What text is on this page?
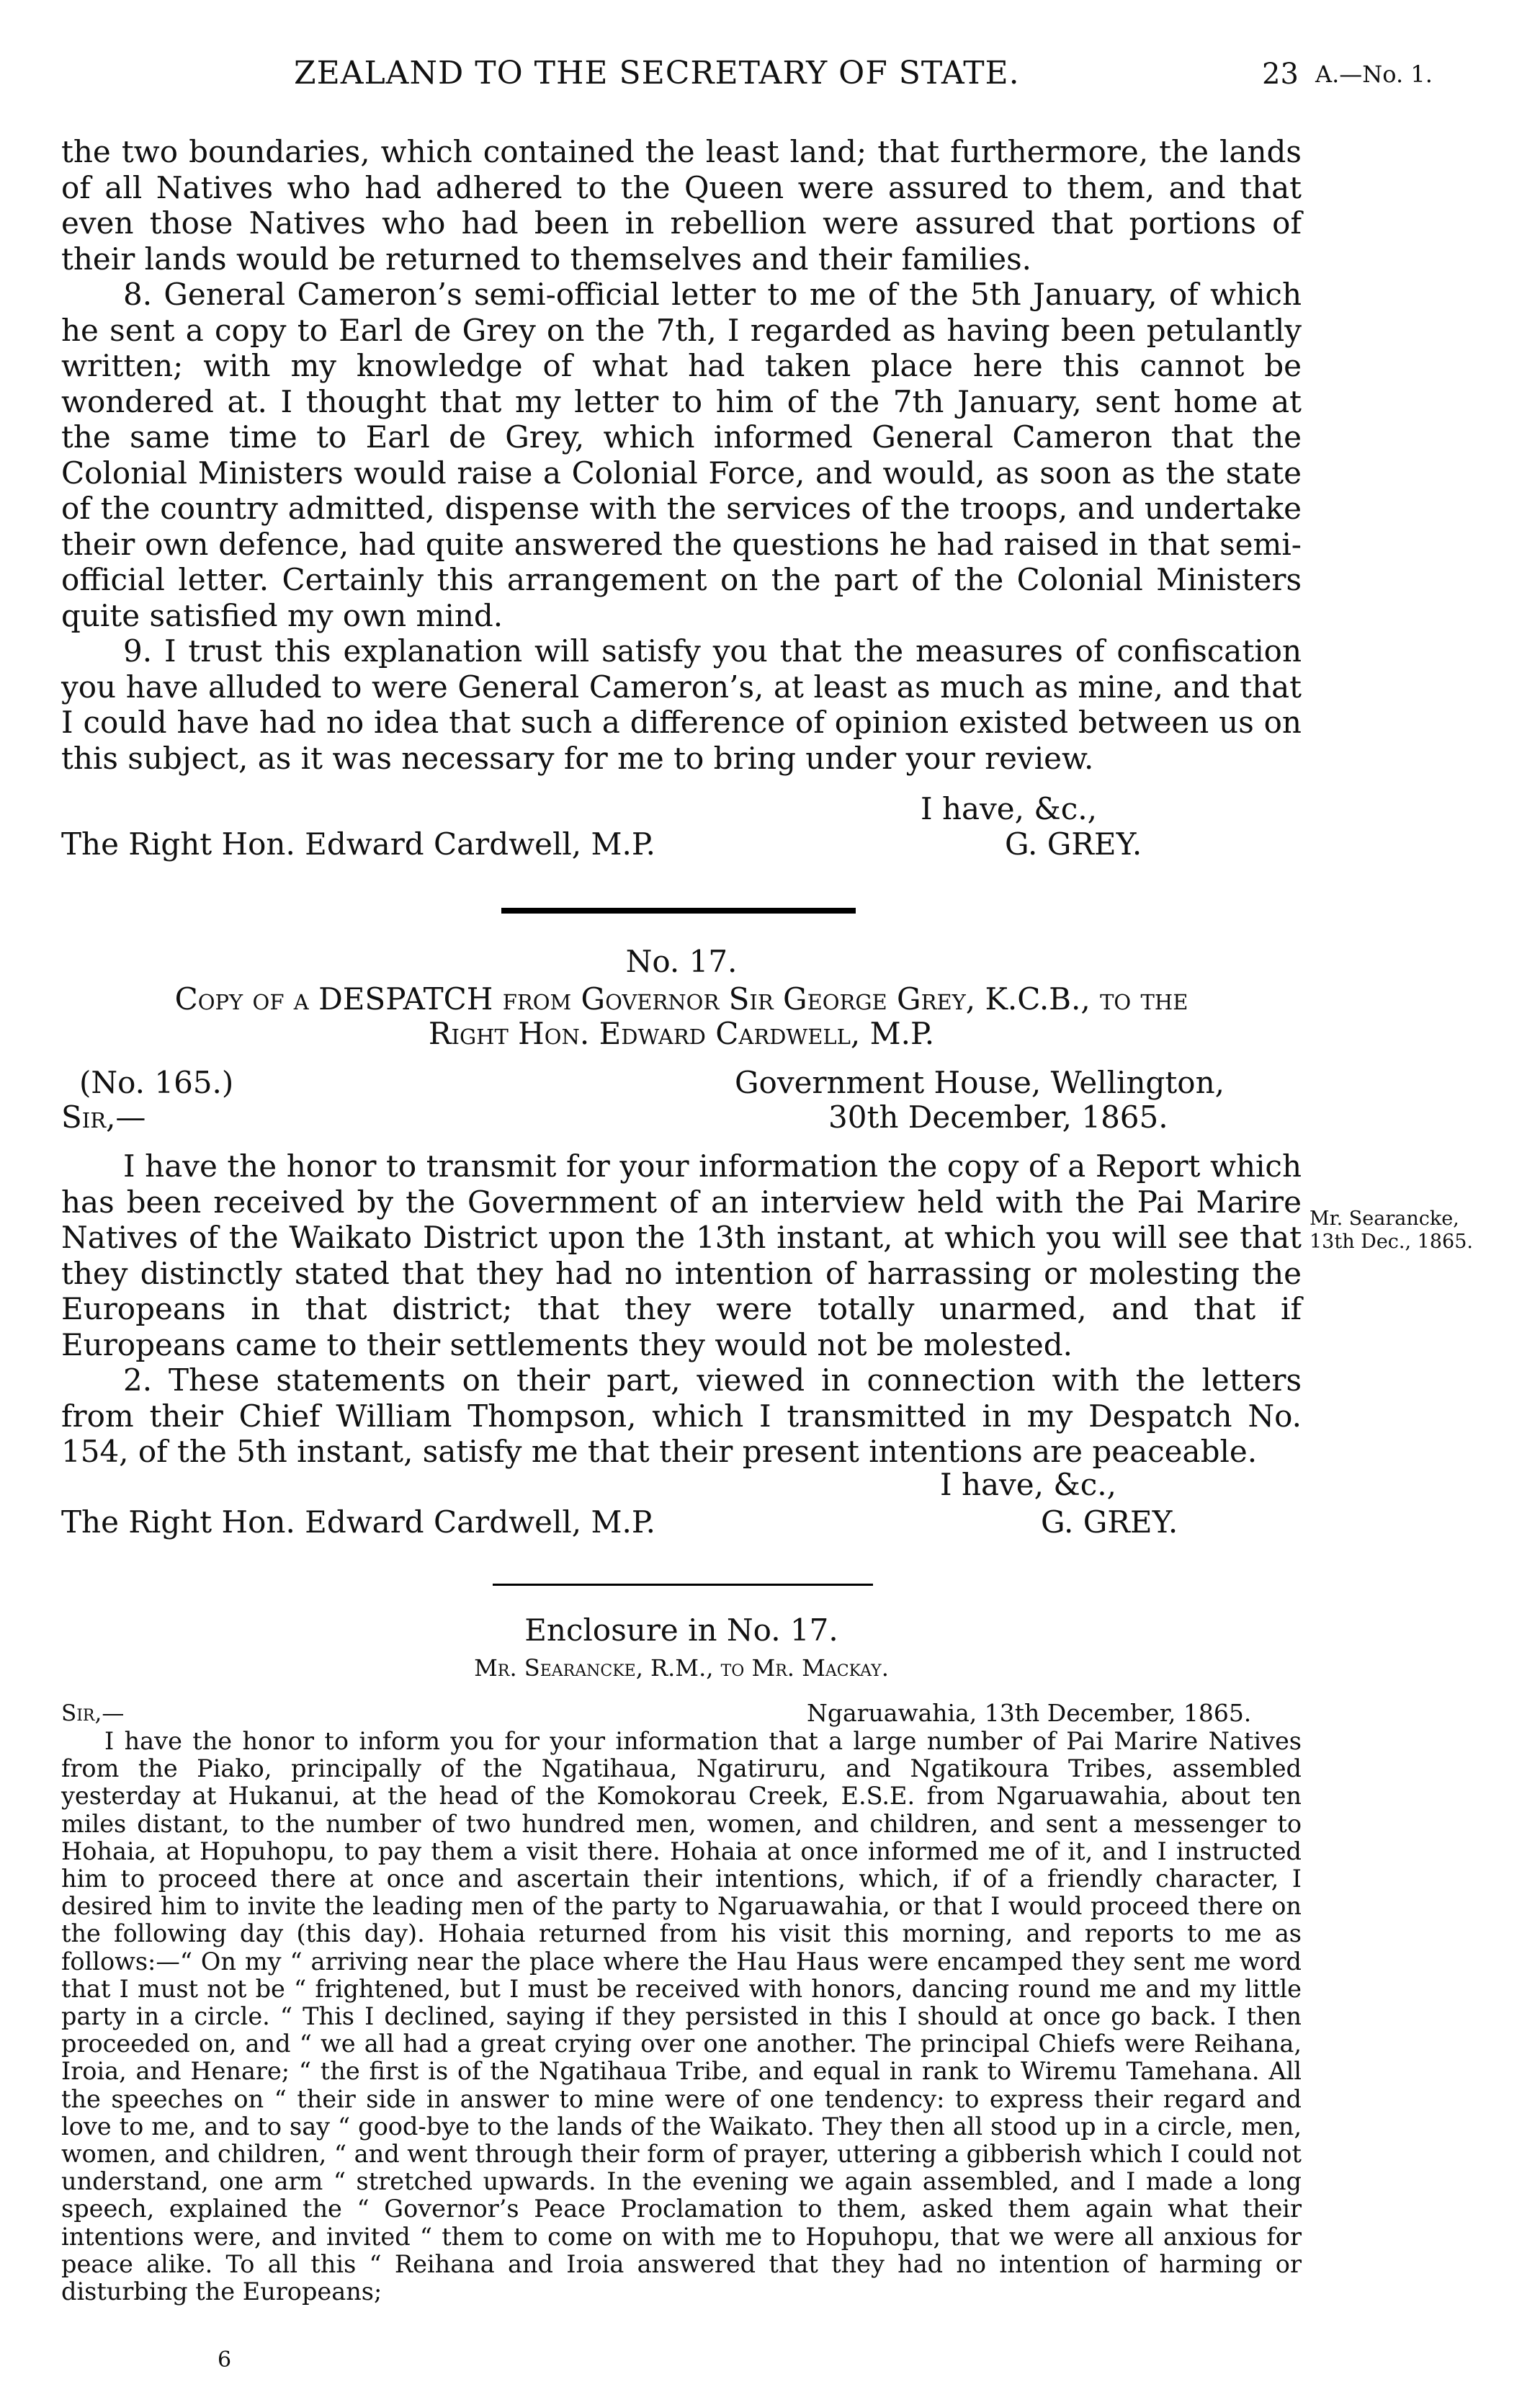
ZEALAND TO THE SECRETARY OF STATE.	23 A.—No. 1.

the two boundaries, which contained the least land; that furthermore, the lands of all Natives who had adhered to the Queen were assured to them, and that even those Natives who had been in rebellion were assured that portions of their lands would be returned to themselves and their families.

8. General Cameron’s semi-official letter to me of the 5th January, of which he sent a copy to Earl de Grey on the 7th, I regarded as having been petulantly written; with my knowledge of what had taken place here this cannot be wondered at. I thought that my letter to him of the 7th January, sent home at the same time to Earl de Grey, which informed General Cameron that the Colonial Ministers would raise a Colonial Force, and would, as soon as the state of the country admitted, dispense with the services of the troops, and undertake their own defence, had quite answered the questions he had raised in that semi-official letter. Certainly this arrangement on the part of the Colonial Ministers quite satisfied my own mind.

9. I trust this explanation will satisfy you that the measures of confiscation you have alluded to were General Cameron’s, at least as much as mine, and that I could have had no idea that such a difference of opinion existed between us on this subject, as it was necessary for me to bring under your review.

I have, &c.,
The Right Hon. Edward Cardwell, M.P.	G. GREY.
No. 17.
Copy of a DESPATCH from Governor Sir George Grey, K.C.B., to the
Right Hon. Edward Cardwell, M.P.
(No. 165.)	Government House, Wellington,
Sir,—	30th December, 1865.

I have the honor to transmit for your information the copy of a Report which has been received by the Government of an interview held with the Pai Marire Natives of the Waikato District upon the 13th instant, at which you will see that they distinctly stated that they had no intention of harrassing or molesting the Europeans in that district; that they were totally unarmed, and that if Europeans came to their settlements they would not be molested.

2. These statements on their part, viewed in connection with the letters from their Chief William Thompson, which I transmitted in my Despatch No. 154, of the 5th instant, satisfy me that their present intentions are peaceable.

Mr. Searancke,
13th Dec., 1865.
I have, &c.,
The Right Hon. Edward Cardwell, M.P.	G. GREY.
Enclosure in No. 17.
Mr. Searancke, R.M., to Mr. Mackay.
Sir,—	Ngaruawahia, 13th December, 1865.

I have the honor to inform you for your information that a large number of Pai Marire Natives from the Piako, principally of the Ngatihaua, Ngatiruru, and Ngatikoura Tribes, assembled yesterday at Hukanui, at the head of the Komokorau Creek, E.S.E. from Ngaruawahia, about ten miles distant, to the number of two hundred men, women, and children, and sent a messenger to Hohaia, at Hopuhopu, to pay them a visit there. Hohaia at once informed me of it, and I instructed him to proceed there at once and ascertain their intentions, which, if of a friendly character, I desired him to invite the leading men of the party to Ngaruawahia, or that I would proceed there on the following day (this day). Hohaia returned from his visit this morning, and reports to me as follows:—“ On my “ arriving near the place where the Hau Haus were encamped they sent me word that I must not be “ frightened, but I must be received with honors, dancing round me and my little party in a circle. “ This I declined, saying if they persisted in this I should at once go back. I then proceeded on, and “ we all had a great crying over one another. The principal Chiefs were Reihana, Iroia, and Henare; “ the first is of the Ngatihaua Tribe, and equal in rank to Wiremu Tamehana. All the speeches on “ their side in answer to mine were of one tendency: to express their regard and love to me, and to say “ good-bye to the lands of the Waikato. They then all stood up in a circle, men, women, and children, “ and went through their form of prayer, uttering a gibberish which I could not understand, one arm “ stretched upwards. In the evening we again assembled, and I made a long speech, explained the “ Governor’s Peace Proclamation to them, asked them again what their intentions were, and invited “ them to come on with me to Hopuhopu, that we were all anxious for peace alike. To all this “ Reihana and Iroia answered that they had no intention of harming or disturbing the Europeans;

6
